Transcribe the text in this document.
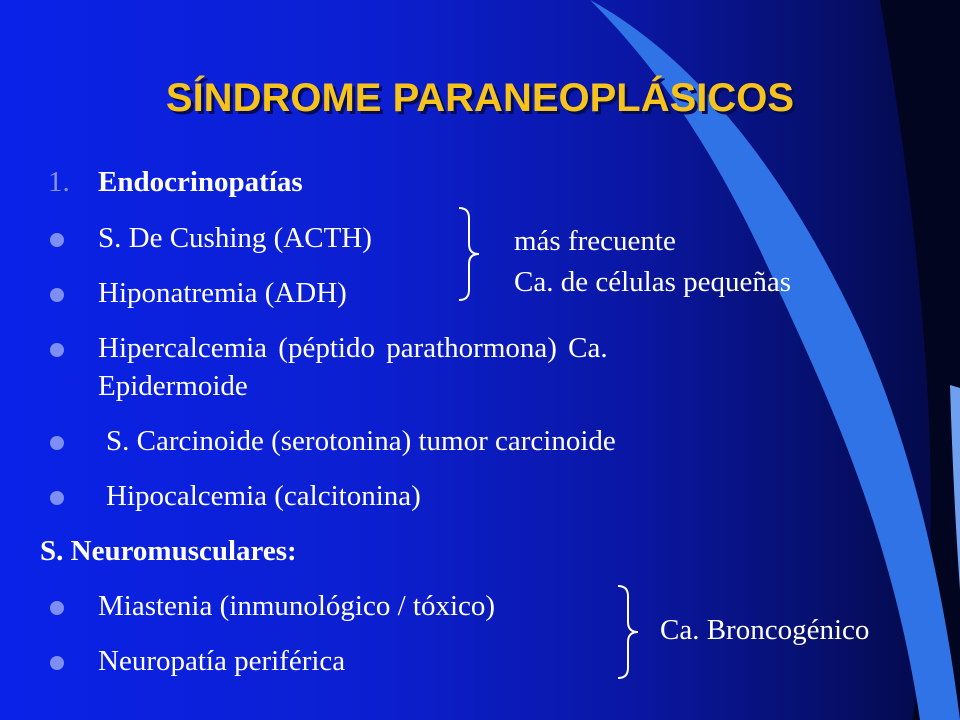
SÍNDROME PARANEOPLÁSICOS
1. Endocrinopatías
S. De Cushing (ACTH)
Hiponatremia (ADH)
Hipercalcemia (péptido parathormona) Ca.
Epidermoide
S. Carcinoide (serotonina) tumor carcinoide
Hipocalcemia (calcitonina)
más frecuente
Ca. de células pequeñas
S. Neuromusculares:
Miastenia (inmunológico / tóxico)
Neuropatía periférica
Ca. Broncogénico
